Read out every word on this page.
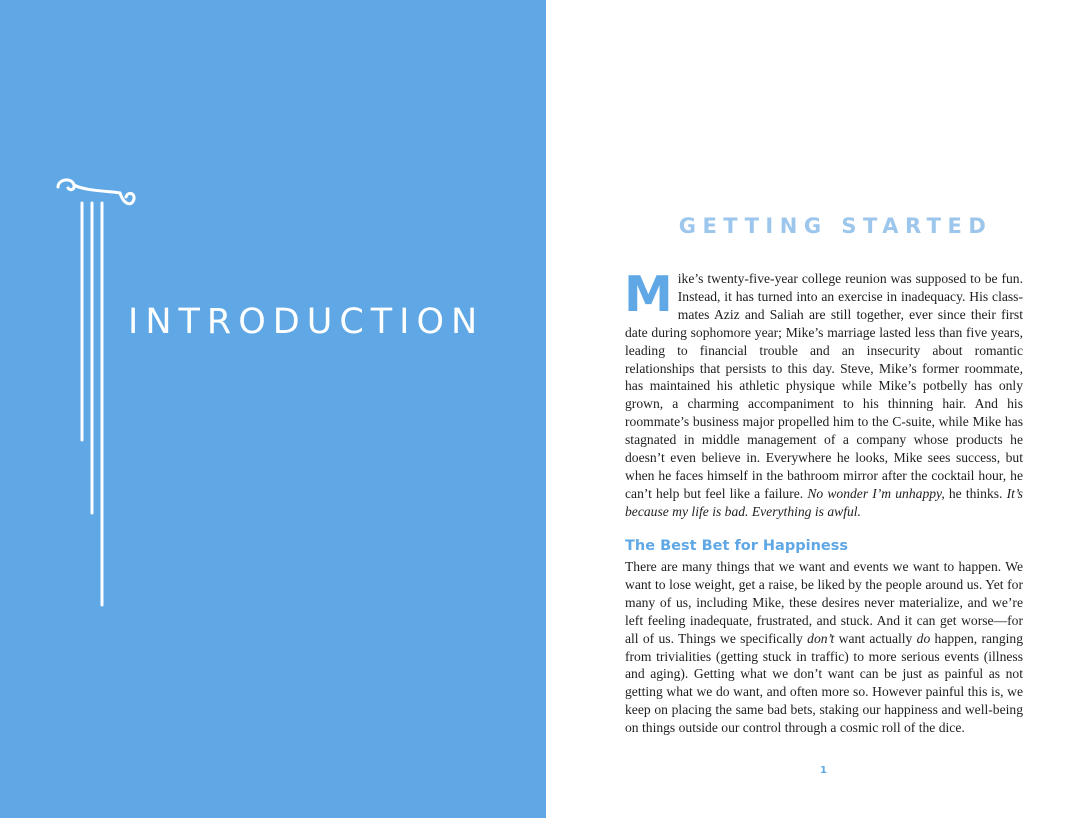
INTRODUCTION
GETTING STARTED

Mike’s twenty-five-year college reunion was supposed to be fun. Instead, it has turned into an exercise in inadequacy. His classmates Aziz and Saliah are still together, ever since their first date during sophomore year; Mike’s marriage lasted less than five years, leading to financial trouble and an insecurity about romantic relationships that persists to this day. Steve, Mike’s former roommate, has maintained his athletic physique while Mike’s potbelly has only grown, a charming accompaniment to his thinning hair. And his roommate’s business major propelled him to the C-suite, while Mike has stagnated in middle management of a company whose products he doesn’t even believe in. Everywhere he looks, Mike sees success, but when he faces himself in the bathroom mirror after the cocktail hour, he can’t help but feel like a failure. No wonder I’m unhappy, he thinks. It’s because my life is bad. Everything is awful.

The Best Bet for Happiness

There are many things that we want and events we want to happen. We want to lose weight, get a raise, be liked by the people around us. Yet for many of us, including Mike, these desires never materialize, and we’re left feeling inadequate, frustrated, and stuck. And it can get worse—for all of us. Things we specifically don’t want actually do happen, ranging from trivialities (getting stuck in traffic) to more serious events (illness and aging). Getting what we don’t want can be just as painful as not getting what we do want, and often more so. However painful this is, we keep on placing the same bad bets, staking our happiness and well-being on things outside our control through a cosmic roll of the dice.

1
